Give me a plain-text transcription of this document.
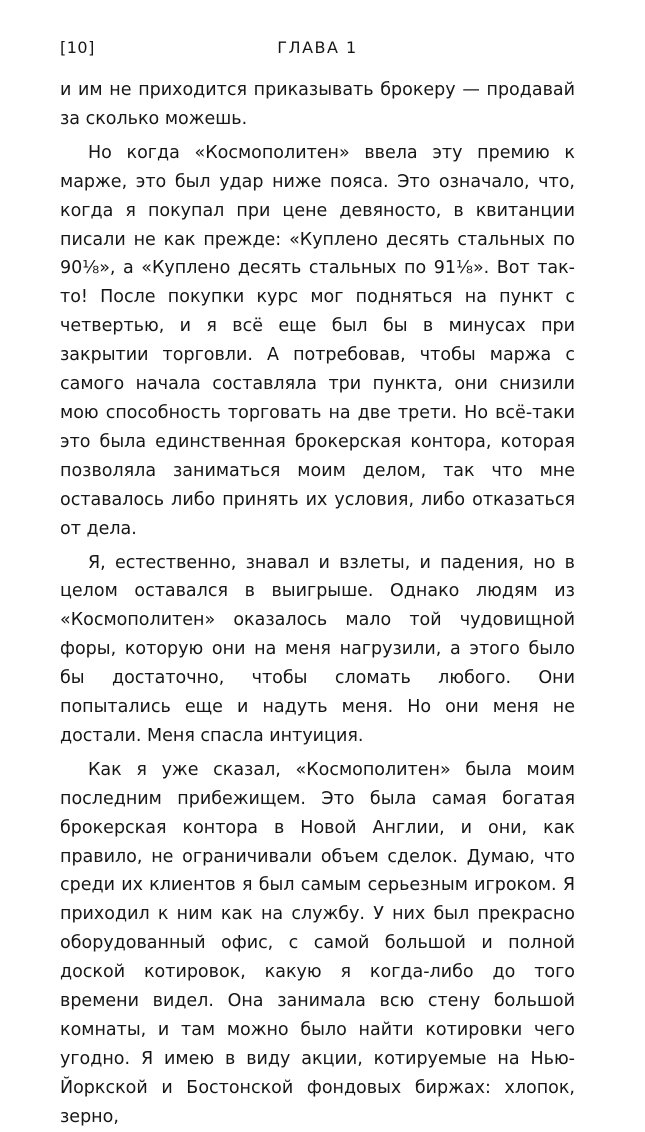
[10]	ГЛАВА 1

и им не приходится приказывать брокеру — продавай за сколько можешь.

Но когда «Космополитен» ввела эту премию к марже, это был удар ниже пояса. Это означало, что, когда я покупал при цене девяносто, в квитанции писали не как прежде: «Куплено десять стальных по 90⅛», а «Куплено десять стальных по 91⅛». Вот так-то! После покупки курс мог подняться на пункт с четвертью, и я всё еще был бы в минусах при закрытии торговли. А потребовав, чтобы маржа с самого начала составляла три пункта, они снизили мою способность торговать на две трети. Но всё-таки это была единственная брокерская контора, которая позволяла заниматься моим делом, так что мне оставалось либо принять их условия, либо отказаться от дела.

Я, естественно, знавал и взлеты, и падения, но в целом оставался в выигрыше. Однако людям из «Космополитен» оказалось мало той чудовищной форы, которую они на меня нагрузили, а этого было бы достаточно, чтобы сломать любого. Они попытались еще и надуть меня. Но они меня не достали. Меня спасла интуиция.

Как я уже сказал, «Космополитен» была моим последним прибежищем. Это была самая богатая брокерская контора в Новой Англии, и они, как правило, не ограничивали объем сделок. Думаю, что среди их клиентов я был самым серьезным игроком. Я приходил к ним как на службу. У них был прекрасно оборудованный офис, с самой большой и полной доской котировок, какую я когда-либо до того времени видел. Она занимала всю стену большой комнаты, и там можно было найти котировки чего угодно. Я имею в виду акции, котируемые на Нью-Йоркской и Бостонской фондовых биржах: хлопок, зерно,
